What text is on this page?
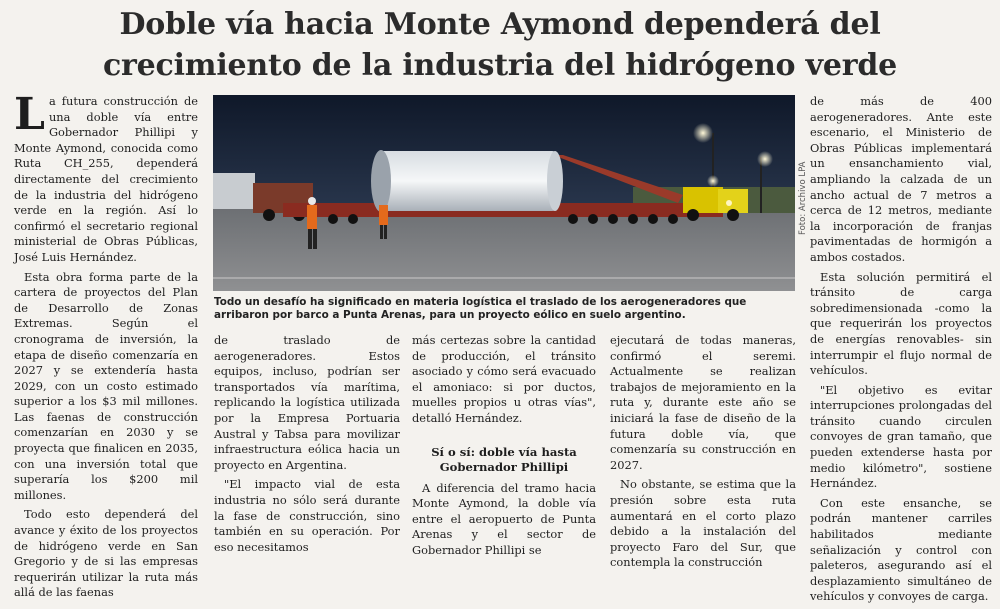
Doble vía hacia Monte Aymond dependerá del
crecimiento de la industria del hidrógeno verde

La futura construcción de una doble vía entre Gobernador Phillipi y Monte Aymond, conocida como Ruta CH_255, dependerá directamente del crecimiento de la industria del hidrógeno verde en la región. Así lo confirmó el secretario regional ministerial de Obras Públicas, José Luis Hernández.

Esta obra forma parte de la cartera de proyectos del Plan de Desarrollo de Zonas Extremas. Según el cronograma de inversión, la etapa de diseño comenzaría en 2027 y se extendería hasta 2029, con un costo estimado superior a los $3 mil millones. Las faenas de construcción comenzarían en 2030 y se proyecta que finalicen en 2035, con una inversión total que superaría los $200 mil millones.

Todo esto dependerá del avance y éxito de los proyectos de hidrógeno verde en San Gregorio y de si las empresas requerirán utilizar la ruta más allá de las faenas

Foto: Archivo LPA
Todo un desafío ha significado en materia logística el traslado de los aerogeneradores que arribaron por barco a Punta Arenas, para un proyecto eólico en suelo argentino.

de traslado de aerogeneradores. Estos equipos, incluso, podrían ser transportados vía marítima, replicando la logística utilizada por la Empresa Portuaria Austral y Tabsa para movilizar infraestructura eólica hacia un proyecto en Argentina.

"El impacto vial de esta industria no sólo será durante la fase de construcción, sino también en su operación. Por eso necesitamos

más certezas sobre la cantidad de producción, el tránsito asociado y cómo será evacuado el amoniaco: si por ductos, muelles propios u otras vías", detalló Hernández.

Sí o sí: doble vía hasta Gobernador Phillipi

A diferencia del tramo hacia Monte Aymond, la doble vía entre el aeropuerto de Punta Arenas y el sector de Gobernador Phillipi se

ejecutará de todas maneras, confirmó el seremi. Actualmente se realizan trabajos de mejoramiento en la ruta y, durante este año se iniciará la fase de diseño de la futura doble vía, que comenzaría su construcción en 2027.

No obstante, se estima que la presión sobre esta ruta aumentará en el corto plazo debido a la instalación del proyecto Faro del Sur, que contempla la construcción

de más de 400 aerogeneradores. Ante este escenario, el Ministerio de Obras Públicas implementará un ensanchamiento vial, ampliando la calzada de un ancho actual de 7 metros a cerca de 12 metros, mediante la incorporación de franjas pavimentadas de hormigón a ambos costados.

Esta solución permitirá el tránsito de carga sobredimensionada -como la que requerirán los proyectos de energías renovables- sin interrumpir el flujo normal de vehículos.

"El objetivo es evitar interrupciones prolongadas del tránsito cuando circulen convoyes de gran tamaño, que pueden extenderse hasta por medio kilómetro", sostiene Hernández.

Con este ensanche, se podrán mantener carriles habilitados mediante señalización y control con paleteros, asegurando así el desplazamiento simultáneo de vehículos y convoyes de carga.
